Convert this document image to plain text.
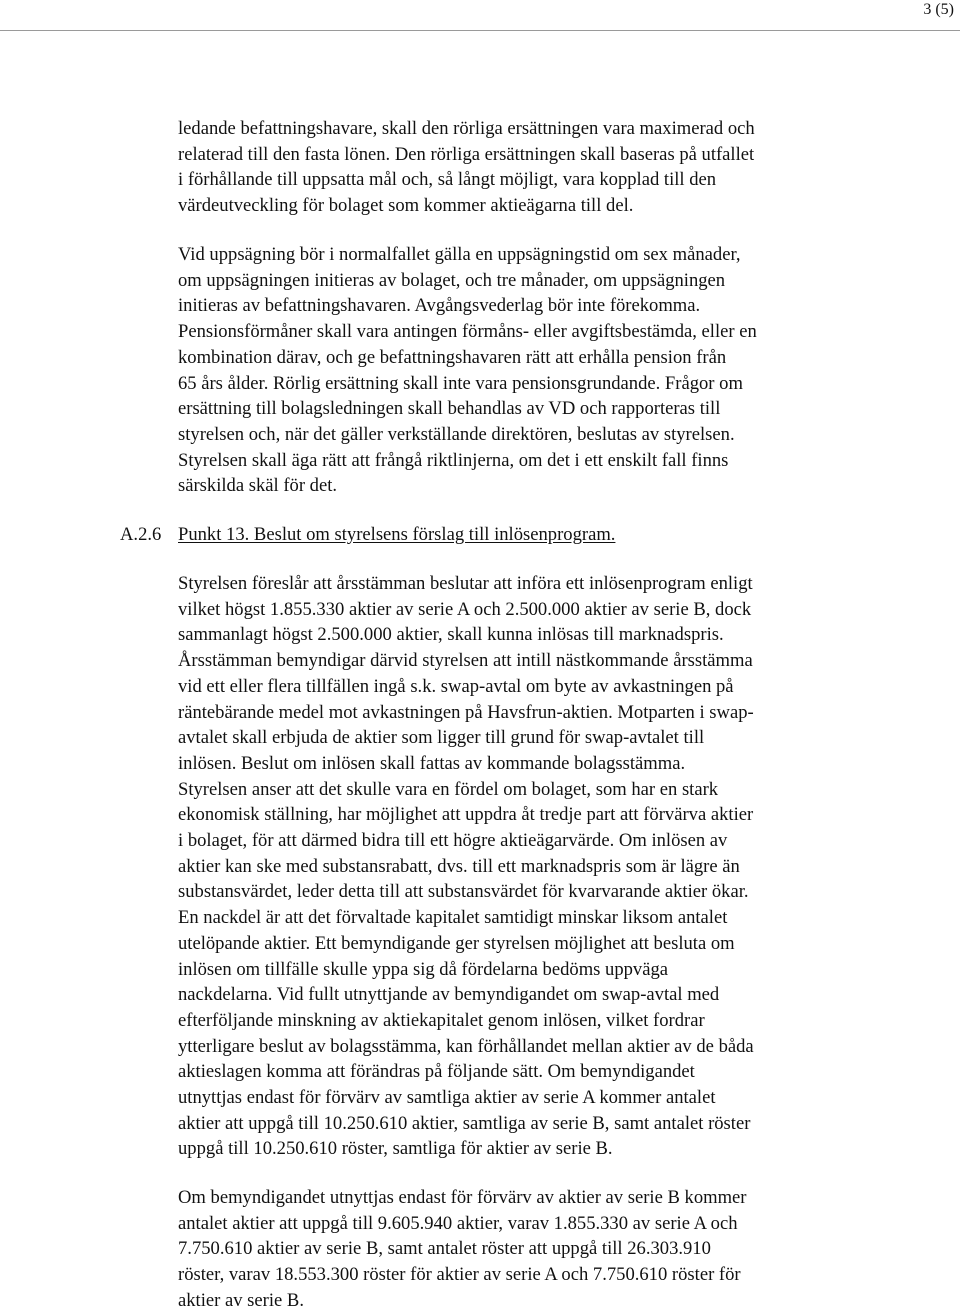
3 (5)

ledande befattningshavare, skall den rörliga ersättningen vara maximerad och
relaterad till den fasta lönen. Den rörliga ersättningen skall baseras på utfallet
i förhållande till uppsatta mål och, så långt möjligt, vara kopplad till den
värdeutveckling för bolaget som kommer aktieägarna till del.

Vid uppsägning bör i normalfallet gälla en uppsägningstid om sex månader,
om uppsägningen initieras av bolaget, och tre månader, om uppsägningen
initieras av befattningshavaren. Avgångsvederlag bör inte förekomma.
Pensionsförmåner skall vara antingen förmåns- eller avgiftsbestämda, eller en
kombination därav, och ge befattningshavaren rätt att erhålla pension från
65 års ålder. Rörlig ersättning skall inte vara pensionsgrundande. Frågor om
ersättning till bolagsledningen skall behandlas av VD och rapporteras till
styrelsen och, när det gäller verkställande direktören, beslutas av styrelsen.
Styrelsen skall äga rätt att frångå riktlinjerna, om det i ett enskilt fall finns
särskilda skäl för det.

A.2.6 Punkt 13. Beslut om styrelsens förslag till inlösenprogram.

Styrelsen föreslår att årsstämman beslutar att införa ett inlösenprogram enligt
vilket högst 1.855.330 aktier av serie A och 2.500.000 aktier av serie B, dock
sammanlagt högst 2.500.000 aktier, skall kunna inlösas till marknadspris.
Årsstämman bemyndigar därvid styrelsen att intill nästkommande årsstämma
vid ett eller flera tillfällen ingå s.k. swap-avtal om byte av avkastningen på
räntebärande medel mot avkastningen på Havsfrun-aktien. Motparten i swap-
avtalet skall erbjuda de aktier som ligger till grund för swap-avtalet till
inlösen. Beslut om inlösen skall fattas av kommande bolagsstämma.
Styrelsen anser att det skulle vara en fördel om bolaget, som har en stark
ekonomisk ställning, har möjlighet att uppdra åt tredje part att förvärva aktier
i bolaget, för att därmed bidra till ett högre aktieägarvärde. Om inlösen av
aktier kan ske med substansrabatt, dvs. till ett marknadspris som är lägre än
substansvärdet, leder detta till att substansvärdet för kvarvarande aktier ökar.
En nackdel är att det förvaltade kapitalet samtidigt minskar liksom antalet
utelöpande aktier. Ett bemyndigande ger styrelsen möjlighet att besluta om
inlösen om tillfälle skulle yppa sig då fördelarna bedöms uppväga
nackdelarna. Vid fullt utnyttjande av bemyndigandet om swap-avtal med
efterföljande minskning av aktiekapitalet genom inlösen, vilket fordrar
ytterligare beslut av bolagsstämma, kan förhållandet mellan aktier av de båda
aktieslagen komma att förändras på följande sätt. Om bemyndigandet
utnyttjas endast för förvärv av samtliga aktier av serie A kommer antalet
aktier att uppgå till 10.250.610 aktier, samtliga av serie B, samt antalet röster
uppgå till 10.250.610 röster, samtliga för aktier av serie B.

Om bemyndigandet utnyttjas endast för förvärv av aktier av serie B kommer
antalet aktier att uppgå till 9.605.940 aktier, varav 1.855.330 av serie A och
7.750.610 aktier av serie B, samt antalet röster att uppgå till 26.303.910
röster, varav 18.553.300 röster för aktier av serie A och 7.750.610 röster för
aktier av serie B.
